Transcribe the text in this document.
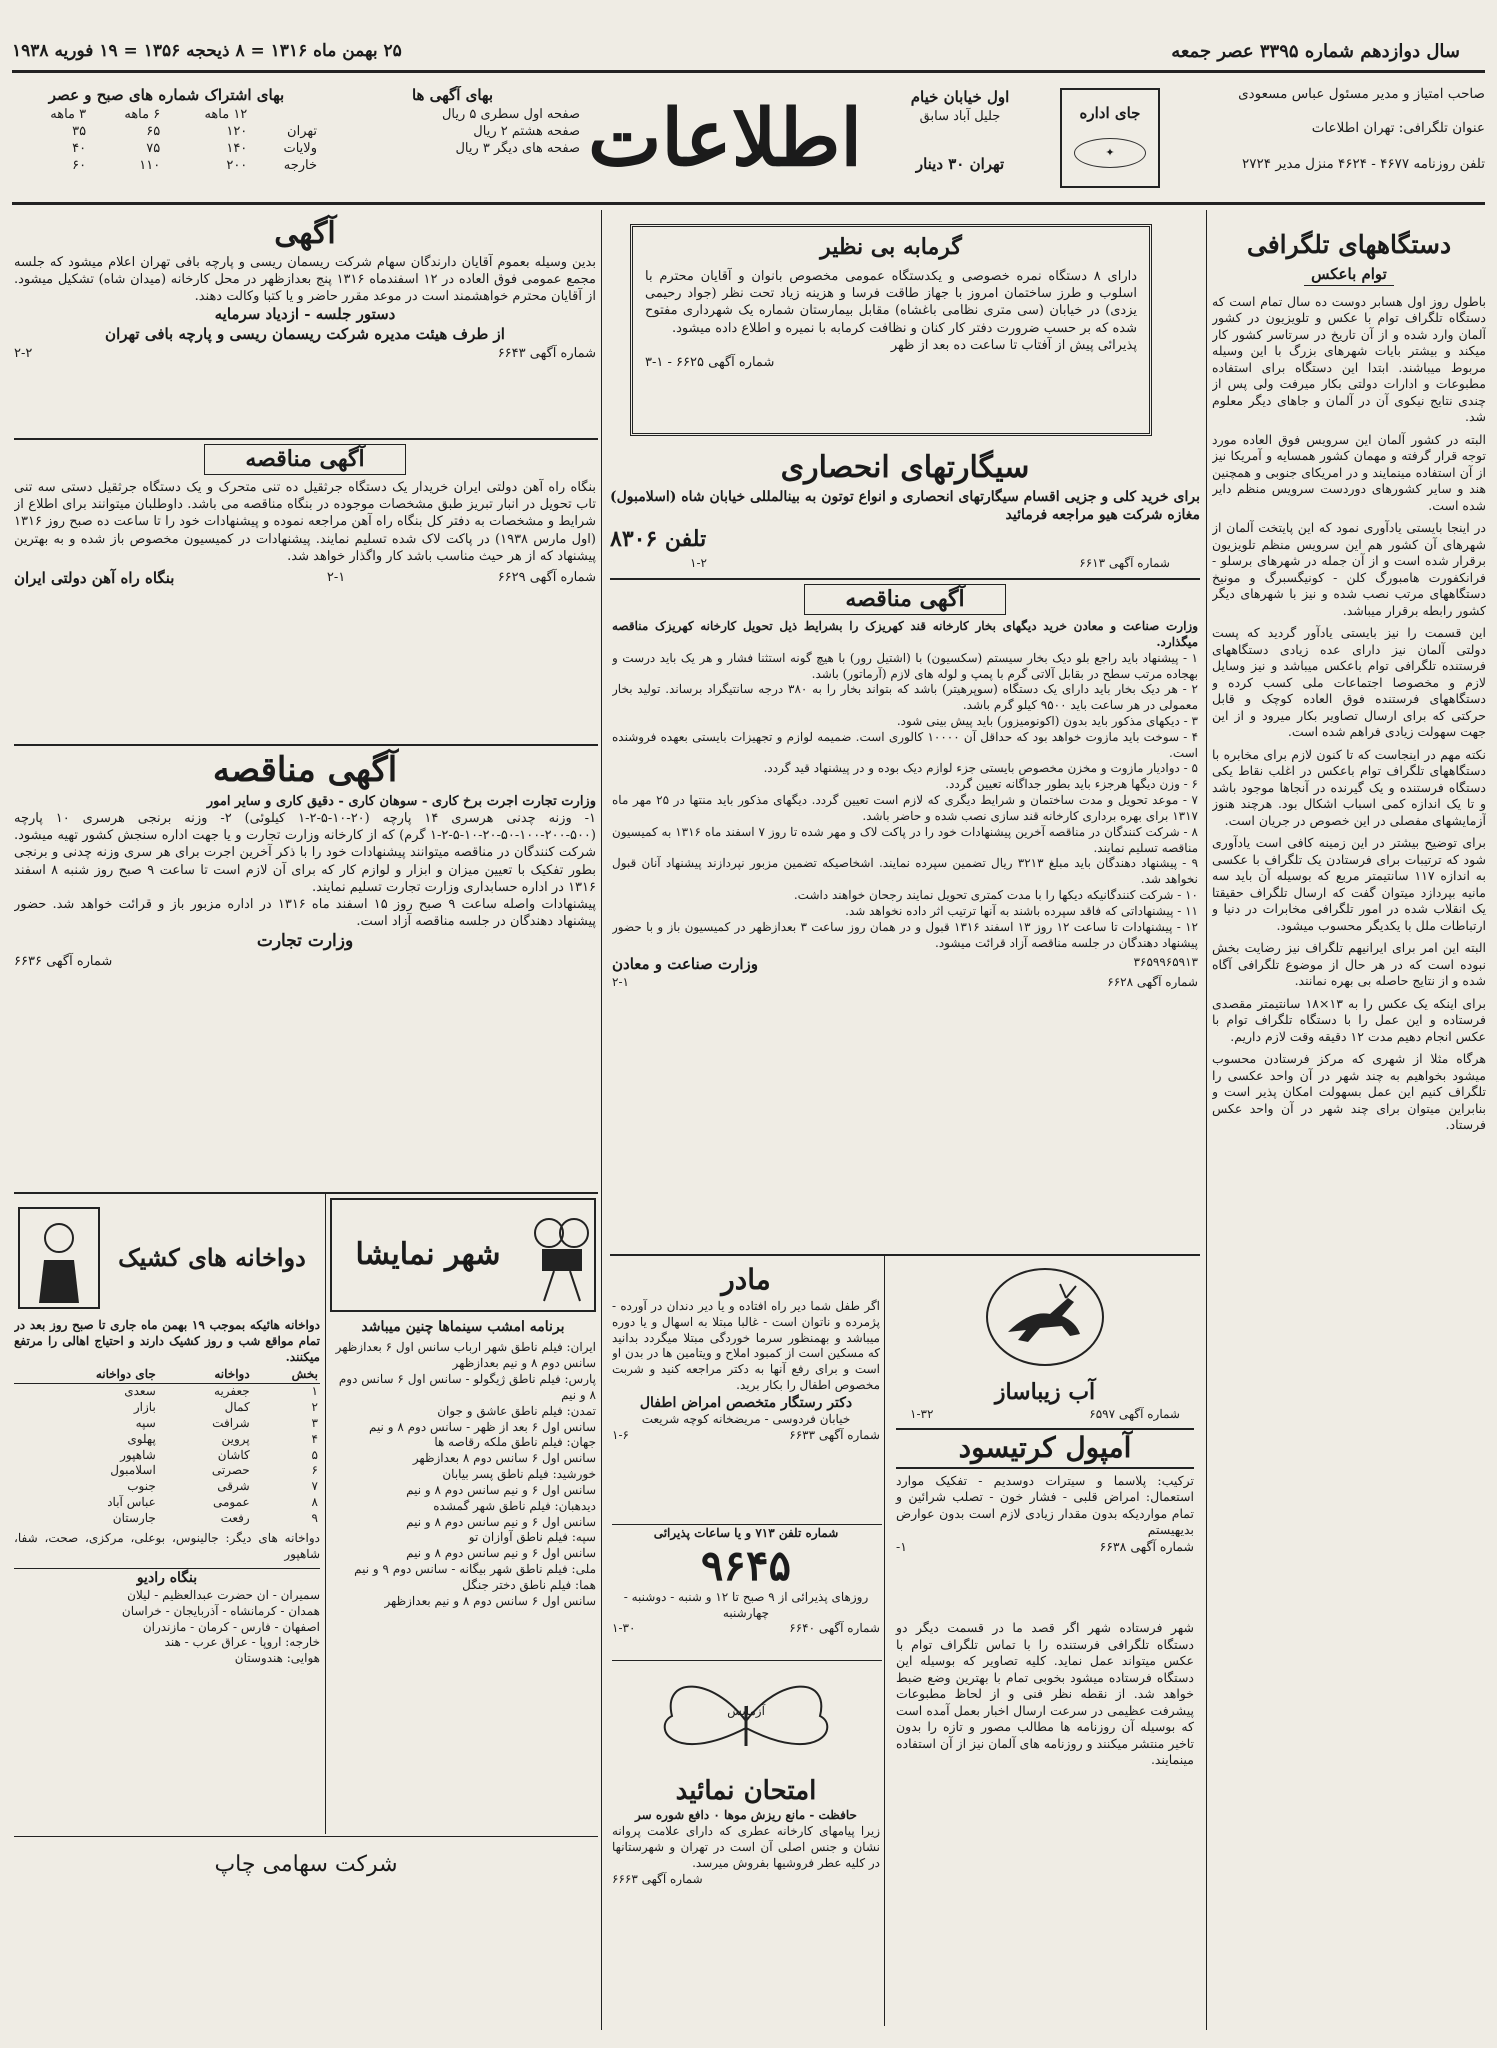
سال دوازدهم شماره ۳۳۹۵ عصر جمعه
۲۵ بهمن ماه ۱۳۱۶ = ۸ ذیحجه ۱۳۵۶ = ۱۹ فوریه ۱۹۳۸
صاحب امتیاز و مدیر مسئول عباس مسعودی
عنوان تلگرافی: تهران اطلاعات
تلفن روزنامه ۴۶۷۷ - ۴۶۲۴ منزل مدیر ۲۷۲۴
جای اداره
✦
اول خیابان خیام
جلیل آباد سابق
تهران ۳۰ دینار
اطلاعات
بهای آگهی ها
صفحه اول سطری ۵ ریال
صفحه هشتم ۲ ریال
صفحه های دیگر ۳ ریال
بهای اشتراک شماره های صبح و عصر
	۱۲ ماهه	۶ ماهه	۳ ماهه
تهران	۱۲۰	۶۵	۳۵
ولایات	۱۴۰	۷۵	۴۰
خارجه	۲۰۰	۱۱۰	۶۰
دستگاههای تلگرافی
توام باعکس

باطول روز اول هسابر دوست ده سال تمام است که دستگاه تلگراف توام با عکس و تلویزیون در کشور آلمان وارد شده و از آن تاریخ در سرتاسر کشور کار میکند و بیشتر بایات شهرهای بزرگ با این وسیله مربوط میباشند. ابتدا این دستگاه برای استفاده مطبوعات و ادارات دولتی بکار میرفت ولی پس از چندی نتایج نیکوی آن در آلمان و جاهای دیگر معلوم شد.

البته در کشور آلمان این سرویس فوق العاده مورد توجه قرار گرفته و مهمان کشور همسایه و آمریکا نیز از آن استفاده مینمایند و در امریکای جنوبی و همچنین هند و سایر کشورهای دوردست سرویس منظم دایر شده است.

در اینجا بایستی یادآوری نمود که این پایتخت آلمان از شهرهای آن کشور هم این سرویس منظم تلویزیون برقرار شده است و از آن جمله در شهرهای برسلو - فرانکفورت هامبورگ کلن - کونیگسبرگ و مونیخ دستگاههای مرتب نصب شده و نیز با شهرهای دیگر کشور رابطه برقرار میباشد.

این قسمت را نیز بایستی یادآور گردید که پست دولتی آلمان نیز دارای عده زیادی دستگاههای فرستنده تلگرافی توام باعکس میباشد و نیز وسایل لازم و مخصوصا اجتماعات ملی کسب کرده و دستگاههای فرستنده فوق العاده کوچک و قابل حرکتی که برای ارسال تصاویر بکار میرود و از این جهت سهولت زیادی فراهم شده است.

نکته مهم در اینجاست که تا کنون لازم برای مخابره با دستگاههای تلگراف توام باعکس در اغلب نقاط یکی دستگاه فرستنده و یک گیرنده در آنجاها موجود باشد و تا یک اندازه کمی اسباب اشکال بود. هرچند هنوز آزمایشهای مفصلی در این خصوص در جریان است.

برای توضیح بیشتر در این زمینه کافی است یادآوری شود که ترتیبات برای فرستادن یک تلگراف با عکسی به اندازه ۱۱۷ سانتیمتر مربع که بوسیله آن باید سه مانیه بپردازد میتوان گفت که ارسال تلگراف حقیقتا یک انقلاب شده در امور تلگرافی مخابرات در دنیا و ارتباطات ملل با یکدیگر محسوب میشود.

البته این امر برای ایرانیهم تلگراف نیز رضایت بخش نبوده است که در هر حال از موضوع تلگرافی آگاه شده و از نتایج حاصله بی بهره نمانند.

برای اینکه یک عکس را به ۱۳×۱۸ سانتیمتر مقصدی فرستاده و این عمل را با دستگاه تلگراف توام با عکس انجام دهیم مدت ۱۲ دقیقه وقت لازم داریم.

هرگاه مثلا از شهری که مرکز فرستادن محسوب میشود بخواهیم به چند شهر در آن واحد عکسی را تلگراف کنیم این عمل بسهولت امکان پذیر است و بنابراین میتوان برای چند شهر در آن واحد عکس فرستاد.

گرمابه بی نظیر
دارای ۸ دستگاه نمره خصوصی و یکدستگاه عمومی مخصوص بانوان و آقایان محترم با اسلوب و طرز ساختمان امروز با جهاز طاقت فرسا و هزینه زیاد تحت نظر (جواد رحیمی یزدی) در خیابان (سی متری نظامی باغشاه) مقابل بیمارستان شماره یک شهرداری مفتوح شده که بر حسب ضرورت دفتر کار کنان و نظافت کرمابه با نمیره و اطلاع داده میشود.
پذیرائی پیش از آفتاب تا ساعت ده بعد از ظهر
شماره آگهی ۶۶۲۵ - ۱-۳
سیگارتهای انحصاری
برای خرید کلی و جزیی اقسام سیگارتهای انحصاری و انواع توتون به بینالمللی خیابان شاه (اسلامبول) مغازه شرکت هیو مراجعه فرمائید
تلفن ۸۳۰۶
شماره آگهی ۶۶۱۳
۱-۲
آگهی مناقصه
وزارت صناعت و معادن خرید دیگهای بخار کارخانه قند کهریزک را بشرایط ذیل تحویل کارخانه کهریزک مناقصه میگذارد.
۱ - پیشنهاد باید راجع بلو دیک بخار سیستم (سکسیون) با (اشتیل رور) با هیچ گونه استثنا فشار و هر یک باید درست و بهجاده مرتب سطح در بقابل آلاتی گرم با پمپ و لوله های لازم (آرماتور) باشد.
۲ - هر دیک بخار باید دارای یک دستگاه (سوپرهیتر) باشد که بتواند بخار را به ۳۸۰ درجه سانتیگراد برساند. تولید بخار معمولی در هر ساعت باید ۹۵۰۰ کیلو گرم باشد.
۳ - دیکهای مذکور باید بدون (اکونومیزور) باید پیش بینی شود.
۴ - سوخت باید مازوت خواهد بود که حداقل آن ۱۰۰۰۰ کالوری است. ضمیمه لوازم و تجهیزات بایستی بعهده فروشنده است.
۵ - دوادیار مازوت و مخزن مخصوص بایستی جزء لوازم دیک بوده و در پیشنهاد قید گردد.
۶ - وزن دیگها هرجزء باید بطور جداگانه تعیین گردد.
۷ - موعد تحویل و مدت ساختمان و شرایط دیگری که لازم است تعیین گردد. دیگهای مذکور باید منتها در ۲۵ مهر ماه ۱۳۱۷ برای بهره برداری کارخانه قند سازی نصب شده و حاضر باشد.
۸ - شرکت کنندگان در مناقصه آخرین پیشنهادات خود را در پاکت لاک و مهر شده تا روز ۷ اسفند ماه ۱۳۱۶ به کمیسیون مناقصه تسلیم نمایند.
۹ - پیشنهاد دهندگان باید مبلغ ۳۲۱۳ ریال تضمین سپرده نمایند. اشخاصیکه تضمین مزبور نپردازند پیشنهاد آنان قبول نخواهد شد.
۱۰ - شرکت کنندگانیکه دیکها را با مدت کمتری تحویل نمایند رجحان خواهند داشت.
۱۱ - پیشنهاداتی که فاقد سپرده باشند به آنها ترتیب اثر داده نخواهد شد.
۱۲ - پیشنهادات تا ساعت ۱۲ روز ۱۳ اسفند ۱۳۱۶ قبول و در همان روز ساعت ۳ بعدازظهر در کمیسیون باز و با حضور پیشنهاد دهندگان در جلسه مناقصه آزاد قرائت میشود.
۳۶۵۹۹۶۵۹۱۳
وزارت صناعت و معادن
شماره آگهی ۶۶۲۸
۲-۱
آب زیباساز
شماره آگهی ۶۵۹۷
۱-۳۲
آمپول کرتیسود
ترکیب: پلاسما و سیترات دوسدیم - تفکیک موارد استعمال: امراض قلبی - فشار خون - تصلب شرائین و تمام مواردیکه بدون مقدار زیادی لازم است بدون عوارض بدیهیستم
شماره آگهی ۶۶۳۸
۱-
شهر فرستاده شهر اگر قصد ما در قسمت دیگر دو دستگاه تلگرافی فرستنده را با تماس تلگراف توام با عکس میتواند عمل نماید. کلیه تصاویر که بوسیله این دستگاه فرستاده میشود بخوبی تمام با بهترین وضع ضبط خواهد شد. از نقطه نظر فنی و از لحاظ مطبوعات پیشرفت عظیمی در سرعت ارسال اخبار بعمل آمده است که بوسیله آن روزنامه ها مطالب مصور و تازه را بدون تاخیر منتشر میکنند و روزنامه های آلمان نیز از آن استفاده مینمایند.
مادر
اگر طفل شما دیر راه افتاده و یا دیر دندان در آورده - پژمرده و ناتوان است - غالبا مبتلا به اسهال و یا دوره میباشد و بهمنظور سرما خوردگی مبتلا میگردد بدانید که مسکین است از کمبود املاح و ویتامین ها در بدن او است و برای رفع آنها به دکتر مراجعه کنید و شربت مخصوص اطفال را بکار برید.
دکتر رستگار متخصص امراض اطفال
خیابان فردوسی - مریضخانه کوچه شریعت
شماره آگهی ۶۶۳۳
۱-۶
شماره تلفن ۷۱۳ و یا ساعات پذیرائی
۹۶۴۵
روزهای پذیرائی از ۹ صبح تا ۱۲ و شنبه - دوشنبه - چهارشنبه
شماره آگهی ۶۶۴۰
۱-۳۰
آزمایش
امتحان نمائید
حافظت - مانع ریزش موها ۰ دافع شوره سر
زیرا پیامهای کارخانه عطری که دارای علامت پروانه نشان و جنس اصلی آن است در تهران و شهرستانها در کلیه عطر فروشیها بفروش میرسد.
شماره آگهی ۶۶۶۳
آگهی
بدین وسیله بعموم آقایان دارندگان سهام شرکت ریسمان ریسی و پارچه بافی تهران اعلام میشود که جلسه مجمع عمومی فوق العاده در ۱۲ اسفندماه ۱۳۱۶ پنج بعدازظهر در محل کارخانه (میدان شاه) تشکیل میشود. از آقایان محترم خواهشمند است در موعد مقرر حاضر و یا کتبا وکالت دهند.
دستور جلسه - ازدیاد سرمایه
از طرف هیئت مدیره شرکت ریسمان ریسی و پارچه بافی تهران
شماره آگهی ۶۶۴۳
۲-۲
آگهی مناقصه
بنگاه راه آهن دولتی ایران خریدار یک دستگاه جرثقیل ده تنی متحرک و یک دستگاه جرثقیل دستی سه تنی تاب تحویل در انبار تبریز طبق مشخصات موجوده در بنگاه مناقصه می باشد. داوطلبان میتوانند برای اطلاع از شرایط و مشخصات به دفتر کل بنگاه راه آهن مراجعه نموده و پیشنهادات خود را تا ساعت ده صبح روز ۱۳۱۶ (اول مارس ۱۹۳۸) در پاکت لاک شده تسلیم نمایند. پیشنهادات در کمیسیون مخصوص باز شده و به بهترین پیشنهاد که از هر حیث مناسب باشد کار واگذار خواهد شد.
شماره آگهی ۶۶۲۹
۲-۱
بنگاه راه آهن دولتی ایران
آگهی مناقصه
وزارت تجارت اجرت برخ کاری - سوهان کاری - دقیق کاری و سایر امور
۱- وزنه چدنی هرسری ۱۴ پارچه (۲۰-۱۰-۵-۲-۱ کیلوئی) ۲- وزنه برنجی هرسری ۱۰ پارچه (۵۰۰-۲۰۰-۱۰۰-۵۰-۲۰-۱۰-۵-۲-۱ گرم) که از کارخانه وزارت تجارت و یا جهت اداره سنجش کشور تهیه میشود. شرکت کنندگان در مناقصه میتوانند پیشنهادات خود را با ذکر آخرین اجرت برای هر سری وزنه چدنی و برنجی بطور تفکیک با تعیین میزان و ابزار و لوازم کار که برای آن لازم است تا ساعت ۹ صبح روز شنبه ۸ اسفند ۱۳۱۶ در اداره حسابداری وزارت تجارت تسلیم نمایند.
پیشنهادات واصله ساعت ۹ صبح روز ۱۵ اسفند ماه ۱۳۱۶ در اداره مزبور باز و قرائت خواهد شد. حضور پیشنهاد دهندگان در جلسه مناقصه آزاد است.
وزارت تجارت
شماره آگهی ۶۶۳۶
دواخانه های کشیک
دواخانه هائیکه بموجب ۱۹ بهمن ماه جاری تا صبح روز بعد در تمام مواقع شب و روز کشیک دارند و احتیاج اهالی را مرتفع میکنند.
بخش	دواخانه	جای دواخانه
۱	جعفریه	سعدی
۲	کمال	بازار
۳	شرافت	سپه
۴	پروین	پهلوی
۵	کاشان	شاهپور
۶	حصرتی	اسلامبول
۷	شرقی	جنوب
۸	عمومی	عباس آباد
۹	رفعت	جارستان
دواخانه های دیگر: جالینوس، بوعلی، مرکزی، صحت، شفا، شاهپور
بنگاه رادیو
سمیران - ان حضرت عبدالعظیم - لیلان
همدان - کرمانشاه - آذربایجان - خراسان
اصفهان - فارس - کرمان - مازندران
خارجه: اروپا - عراق عرب - هند
هوایی: هندوستان
شهر نمایشا
برنامه امشب سینماها چنین میباشد
ایران: فیلم ناطق شهر ارباب سانس اول ۶ بعدازظهر
سانس دوم ۸ و نیم بعدازظهر
پارس: فیلم ناطق ژیگولو - سانس اول ۶ سانس دوم ۸ و نیم
تمدن: فیلم ناطق عاشق و جوان
سانس اول ۶ بعد از ظهر - سانس دوم ۸ و نیم
جهان: فیلم ناطق ملکه رقاصه ها
سانس اول ۶ سانس دوم ۸ بعدازظهر
خورشید: فیلم ناطق پسر بیابان
سانس اول ۶ و نیم سانس دوم ۸ و نیم
دیدهبان: فیلم ناطق شهر گمشده
سانس اول ۶ و نیم سانس دوم ۸ و نیم
سپه: فیلم ناطق آوازان تو
سانس اول ۶ و نیم سانس دوم ۸ و نیم
ملی: فیلم ناطق شهر بیگانه - سانس دوم ۹ و نیم
هما: فیلم ناطق دختر جنگل
سانس اول ۶ سانس دوم ۸ و نیم بعدازظهر
شرکت سهامی چاپ
